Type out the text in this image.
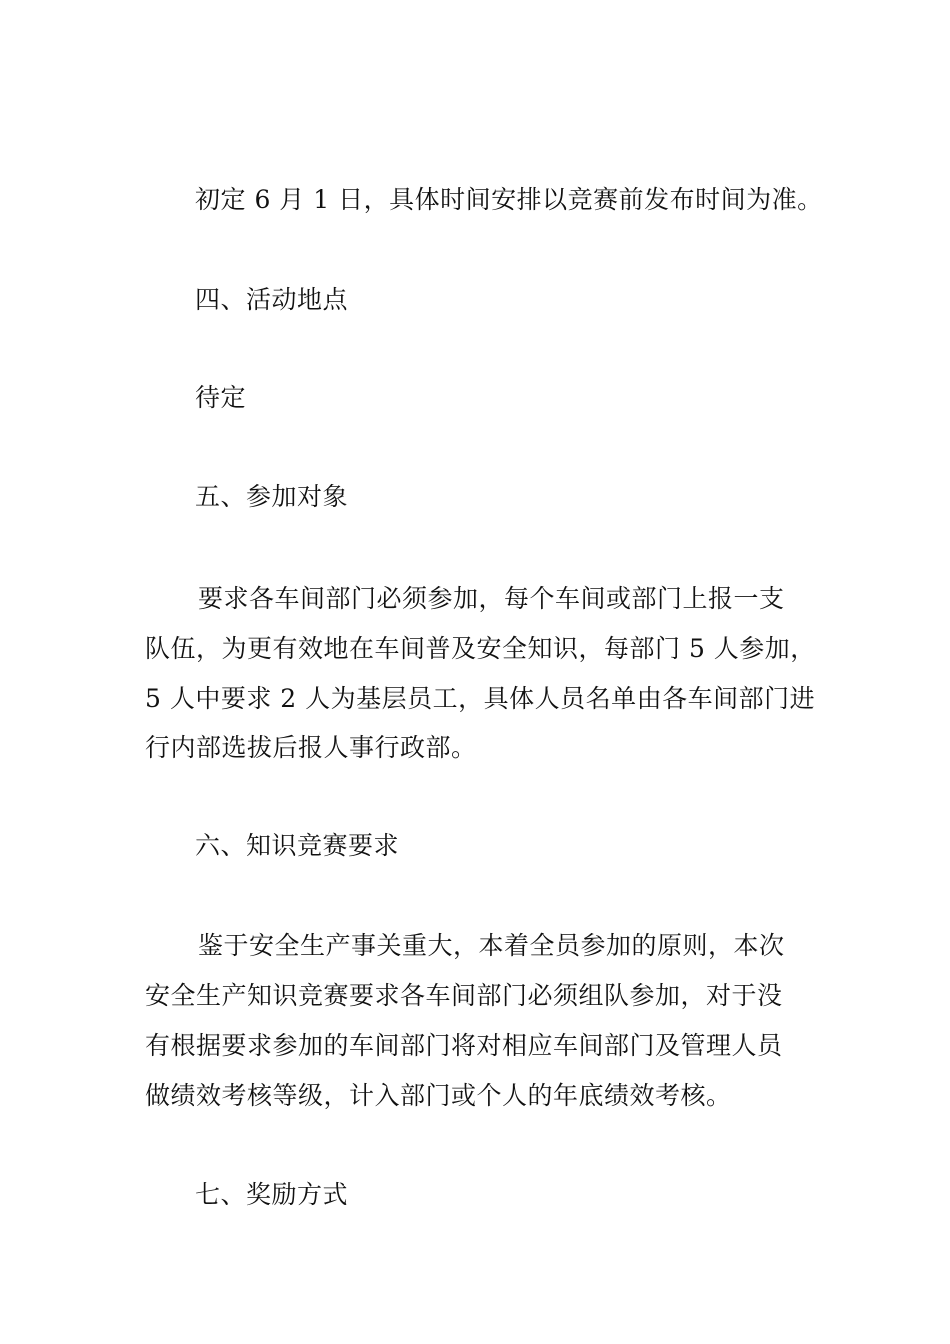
初定 6 月 1 日，具体时间安排以竞赛前发布时间为准。
四、活动地点
待定
五、参加对象
要求各车间部门必须参加，每个车间或部门上报一支
队伍，为更有效地在车间普及安全知识，每部门 5 人参加，
5 人中要求 2 人为基层员工，具体人员名单由各车间部门进
行内部选拔后报人事行政部。
六、知识竞赛要求
鉴于安全生产事关重大，本着全员参加的原则，本次
安全生产知识竞赛要求各车间部门必须组队参加，对于没
有根据要求参加的车间部门将对相应车间部门及管理人员
做绩效考核等级，计入部门或个人的年底绩效考核。
七、奖励方式
